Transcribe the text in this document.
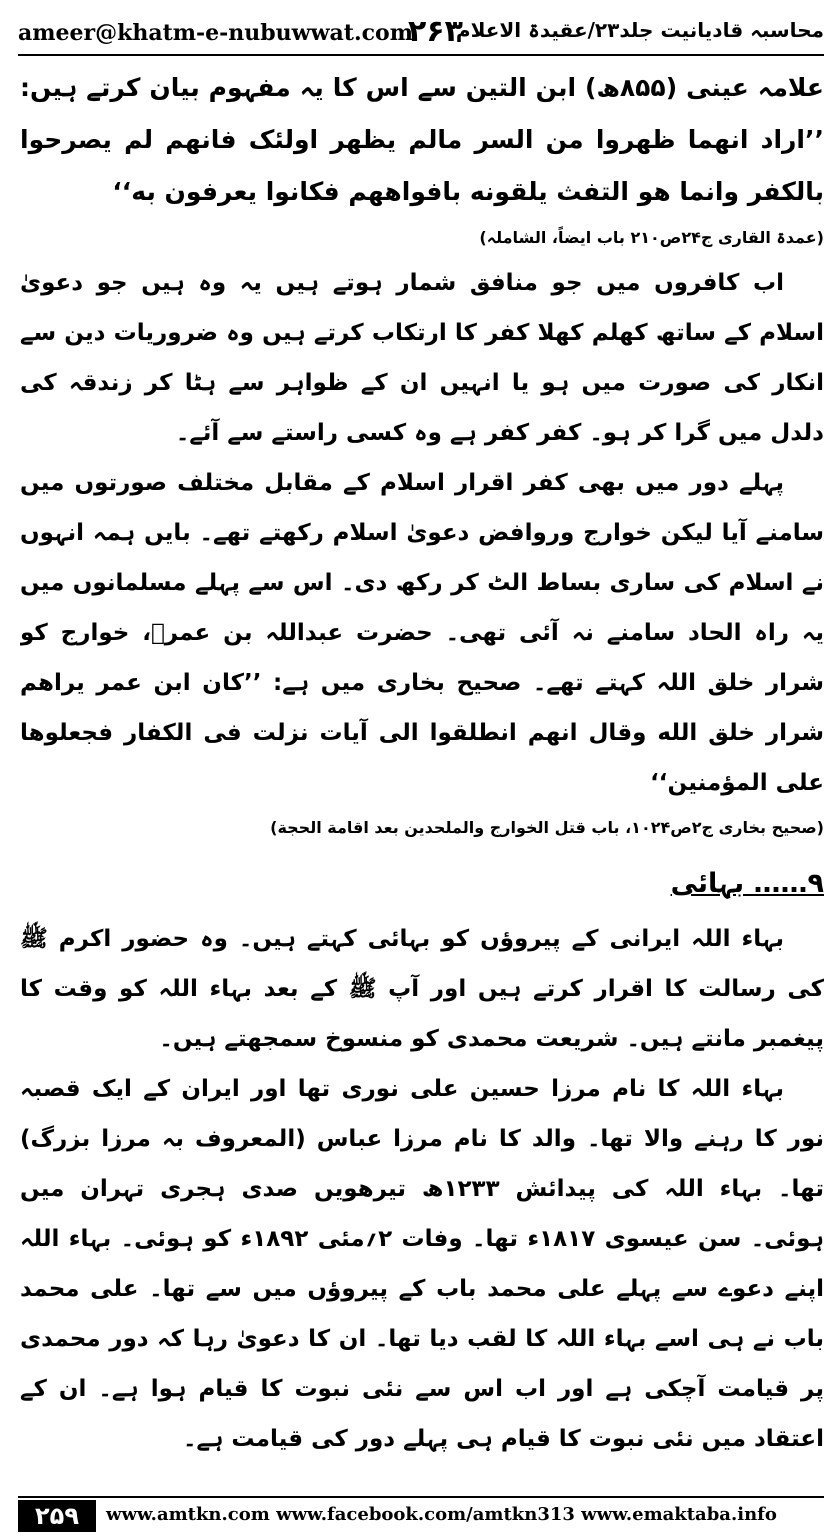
ameer@khatm-e-nubuwwat.com
۲۶۳
محاسبہ قادیانیت جلد۲۳/عقیدۃ الاعلام

علامہ عینی (۸۵۵ھ) ابن التین سے اس کا یہ مفہوم بیان کرتے ہیں: ’’اراد انهما ظهروا من السر مالم يظهر اولئک فانهم لم يصرحوا بالكفر وانما هو التفث يلقونه بافواههم فكانوا يعرفون به‘‘

(عمدۃ القاری ج۲۴ص۲۱۰ باب ایضاً، الشاملہ)

اب کافروں میں جو منافق شمار ہوتے ہیں یہ وہ ہیں جو دعویٰ اسلام کے ساتھ کھلم کھلا کفر کا ارتکاب کرتے ہیں وہ ضروریات دین سے انکار کی صورت میں ہو یا انہیں ان کے ظواہر سے ہٹا کر زندقہ کی دلدل میں گرا کر ہو۔ کفر کفر ہے وہ کسی راستے سے آئے۔

پہلے دور میں بھی کفر اقرار اسلام کے مقابل مختلف صورتوں میں سامنے آیا لیکن خوارج وروافض دعویٰ اسلام رکھتے تھے۔ بایں ہمہ انہوں نے اسلام کی ساری بساط الٹ کر رکھ دی۔ اس سے پہلے مسلمانوں میں یہ راہ الحاد سامنے نہ آئی تھی۔ حضرت عبداللہ بن عمرؓ، خوارج کو شرار خلق اللہ کہتے تھے۔ صحیح بخاری میں ہے: ’’كان ابن عمر يراهم شرار خلق الله وقال انهم انطلقوا الى آيات نزلت فى الكفار فجعلوها على المؤمنين‘‘

(صحیح بخاری ج۲ص۱۰۲۴، باب قتل الخوارج والملحدين بعد اقامة الحجة)

۹…… بہائی

بہاء اللہ ایرانی کے پیروؤں کو بہائی کہتے ہیں۔ وہ حضور اکرم ﷺ کی رسالت کا اقرار کرتے ہیں اور آپ ﷺ کے بعد بہاء اللہ کو وقت کا پیغمبر مانتے ہیں۔ شریعت محمدی کو منسوخ سمجھتے ہیں۔

بہاء اللہ کا نام مرزا حسین علی نوری تھا اور ایران کے ایک قصبہ نور کا رہنے والا تھا۔ والد کا نام مرزا عباس (المعروف بہ مرزا بزرگ) تھا۔ بہاء اللہ کی پیدائش ۱۲۳۳ھ تیرھویں صدی ہجری تہران میں ہوئی۔ سن عیسوی ۱۸۱۷ء تھا۔ وفات ۲؍مئی ۱۸۹۲ء کو ہوئی۔ بہاء اللہ اپنے دعوے سے پہلے علی محمد باب کے پیروؤں میں سے تھا۔ علی محمد باب نے ہی اسے بہاء اللہ کا لقب دیا تھا۔ ان کا دعویٰ رہا کہ دور محمدی پر قیامت آچکی ہے اور اب اس سے نئی نبوت کا قیام ہوا ہے۔ ان کے اعتقاد میں نئی نبوت کا قیام ہی پہلے دور کی قیامت ہے۔

۲۵۹	www.amtkn.com www.facebook.com/amtkn313 www.emaktaba.info
